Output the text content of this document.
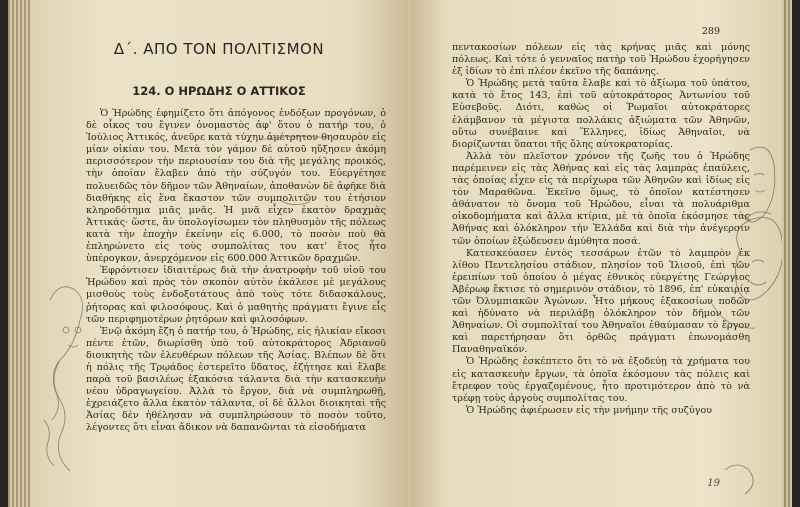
Δ΄. ΑΠΟ ΤΟΝ ΠΟΛΙΤΙΣΜΟΝ
124. Ο ΗΡΩΔΗΣ Ο ΑΤΤΙΚΟΣ

Ὁ Ἡρώδης ἐφημίζετο ὅτι ἀπόγονος ἐνδόξων προγόνων, ὁ δὲ οἶκος του ἔγινεν ὀνομαστὸς ἀφ' ὅτου ὁ πατήρ του, ὁ Ἰούλιος Ἀττικός, ἀνεῦρε κατὰ τύχην ἀμέτρητον θησαυρὸν εἰς μίαν οἰκίαν του. Μετὰ τὸν γάμον δὲ αὐτοῦ ηὔξησεν ἀκόμη περισσότερον τὴν περιουσίαν του διὰ τῆς μεγάλης προικός, τὴν ὁποίαν ἔλαβεν ἀπὸ τὴν σύζυγόν του. Εὐεργέτησε πολυειδῶς τὸν δῆμον τῶν Ἀθηναίων, ἀποθανὼν δὲ ἀφῆκε διὰ διαθήκης εἰς ἕνα ἕκαστον τῶν συμπολιτῶν του ἐτήσιον κληροδότημα μιᾶς μνᾶς. Ἡ μνᾶ εἶχεν ἑκατὸν δραχμὰς Ἀττικάς· ὥστε, ἂν ὑπολογίσωμεν τὸν πληθυσμὸν τῆς πόλεως κατὰ τὴν ἐποχὴν ἐκείνην εἰς 6.000, τὸ ποσὸν ποὺ θὰ ἐπληρώνετο εἰς τοὺς συμπολίτας του κατ' ἔτος ἦτο ὑπέρογκον, ἀνερχόμενον εἰς 600.000 Ἀττικῶν δραχμῶν.

Ἐφρόντισεν ἰδιαιτέρως διὰ τὴν ἀνατροφὴν τοῦ υἱοῦ του Ἡρώδου καὶ πρὸς τὸν σκοπὸν αὐτὸν ἐκάλεσε μὲ μεγάλους μισθοὺς τοὺς ἐνδοξοτάτους ἀπὸ τοὺς τότε διδασκάλους, ῥήτορας καὶ φιλοσόφους. Καὶ ὁ μαθητὴς πράγματι ἔγινε εἷς τῶν περιφημοτέρων ῥητόρων καὶ φιλοσόφων.

Ἐνῷ ἀκόμη ἔζη ὁ πατήρ του, ὁ Ἡρώδης, εἰς ἡλικίαν εἴκοσι πέντε ἐτῶν, διωρίσθη ὑπὸ τοῦ αὐτοκράτορος Ἀδριανοῦ διοικητὴς τῶν ἐλευθέρων πόλεων τῆς Ἀσίας. Βλέπων δὲ ὅτι ἡ πόλις τῆς Τρῳάδος ἐστερεῖτο ὕδατος, ἐζήτησε καὶ ἔλαβε παρὰ τοῦ βασιλέως ἑξακόσια τάλαντα διὰ τὴν κατασκευὴν νέου ὑδραγωγείου. Ἀλλὰ τὸ ἔργον, διὰ νὰ συμπληρωθῇ, ἐχρειάζετο ἄλλα ἑκατὸν τάλαντα, οἱ δὲ ἄλλοι διοικηταὶ τῆς Ἀσίας δὲν ἠθέλησαν νὰ συμπληρώσουν τὸ ποσὸν τοῦτο, λέγοντες ὅτι εἶναι ἄδικον νὰ δαπανῶνται τὰ εἰσοδήματα

289

πεντακοσίων πόλεων εἰς τὰς κρήνας μιᾶς καὶ μόνης πόλεως. Καὶ τότε ὁ γενναῖος πατὴρ τοῦ Ἡρώδου ἐχορήγησεν ἐξ ἰδίων τὸ ἐπὶ πλέον ἐκεῖνο τῆς δαπάνης.

Ὁ Ἡρώδης μετὰ ταῦτα ἔλαβε καὶ τὸ ἀξίωμα τοῦ ὑπάτου, κατὰ τὸ ἔτος 143, ἐπὶ τοῦ αὐτοκράτορος Ἀντωνίου τοῦ Εὐσεβοῦς. Διότι, καθὼς οἱ Ῥωμαῖοι αὐτοκράτορες ἐλάμβανον τὰ μέγιστα πολλάκις ἀξιώματα τῶν Ἀθηνῶν, οὕτω συνέβαινε καὶ Ἕλληνες, ἰδίως Ἀθηναῖοι, νὰ διορίζωνται ὕπατοι τῆς ὅλης αὐτοκρατορίας.

Ἀλλὰ τὸν πλεῖστον χρόνον τῆς ζωῆς του ὁ Ἡρώδης παρέμεινεν εἰς τὰς Ἀθήνας καὶ εἰς τὰς λαμπρὰς ἐπαύλεις, τὰς ὁποίας εἶχεν εἰς τὰ περίχωρα τῶν Ἀθηνῶν καὶ ἰδίως εἰς τὸν Μαραθῶνα. Ἐκεῖνο ὅμως, τὸ ὁποῖον κατέστησεν ἀθάνατον τὸ ὄνομα τοῦ Ἡρώδου, εἶναι τὰ πολυάριθμα οἰκοδομήματα καὶ ἄλλα κτίρια, μὲ τὰ ὁποῖα ἐκόσμησε τὰς Ἀθήνας καὶ ὁλόκληρον τὴν Ἑλλάδα καὶ διὰ τὴν ἀνέγερσιν τῶν ὁποίων ἐξώδευσεν ἀμύθητα ποσά.

Κατεσκεύασεν ἐντὸς τεσσάρων ἐτῶν τὸ λαμπρὸν ἐκ λίθου Πεντελησίου στάδιον, πλησίον τοῦ Ἰλισοῦ, ἐπὶ τῶν ἐρειπίων τοῦ ὁποίου ὁ μέγας ἐθνικὸς εὐεργέτης Γεώργιος Ἀβέρωφ ἔκτισε τὸ σημερινὸν στάδιον, τὸ 1896, ἐπ' εὐκαιρίᾳ τῶν Ὀλυμπιακῶν Ἀγώνων. Ἦτο μήκους ἑξακοσίων ποδῶν καὶ ἠδύνατο νὰ περιλάβῃ ὁλόκληρον τὸν δῆμον τῶν Ἀθηναίων. Οἱ συμπολῖταί του Ἀθηναῖοι ἐθαύμασαν τὸ ἔργον καὶ παρετήρησαν ὅτι ὀρθῶς πράγματι ἐπωνομάσθη Παναθηναϊκόν.

Ὁ Ἡρώδης ἐσκέπτετο ὅτι τὸ νὰ ἐξοδεύῃ τὰ χρήματα του εἰς κατασκευὴν ἔργων, τὰ ὁποῖα ἐκόσμουν τὰς πόλεις καὶ ἔτρεφον τοὺς ἐργαζομένους, ἦτο προτιμότερον ἀπὸ τὸ νὰ τρέφῃ τοὺς ἀργοὺς συμπολίτας του.

Ὁ Ἡρώδης ἀφιέρωσεν εἰς τὴν μνήμην τῆς συζύγου

19
